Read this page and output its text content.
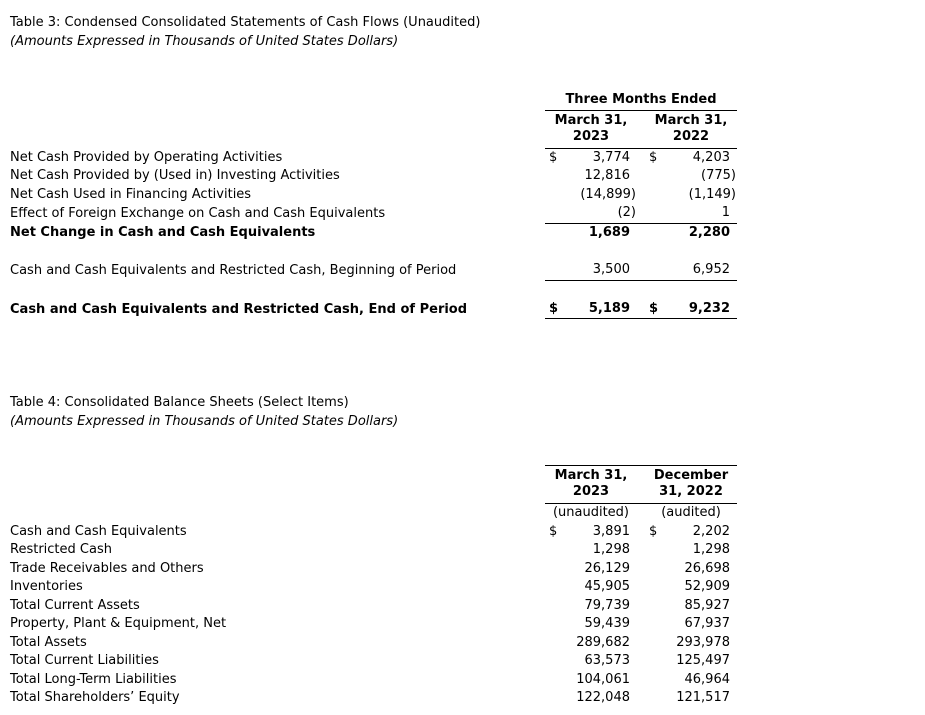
Table 3: Condensed Consolidated Statements of Cash Flows (Unaudited)
(Amounts Expressed in Thousands of United States Dollars)
Three Months Ended
March 31,
2023
March 31,
2022
Net Cash Provided by Operating Activities	$	3,774 $	4,203
Net Cash Provided by (Used in) Investing Activities	12,816	(775)
Net Cash Used in Financing Activities	(14,899)	(1,149)
Effect of Foreign Exchange on Cash and Cash Equivalents	(2)	1
Net Change in Cash and Cash Equivalents	1,689	2,280
Cash and Cash Equivalents and Restricted Cash, Beginning of Period	3,500	6,952
Cash and Cash Equivalents and Restricted Cash, End of Period	$ 5,189 $ 9,232
Table 4: Consolidated Balance Sheets (Select Items)
(Amounts Expressed in Thousands of United States Dollars)
March 31,
2023
December
31, 2022
(unaudited)	(audited)
Cash and Cash Equivalents	$	3,891 $	2,202
Restricted Cash	1,298	1,298
Trade Receivables and Others	26,129	26,698
Inventories	45,905	52,909
Total Current Assets	79,739	85,927
Property, Plant & Equipment, Net	59,439	67,937
Total Assets	289,682	293,978
Total Current Liabilities	63,573	125,497
Total Long-Term Liabilities	104,061	46,964
Total Shareholders’ Equity	122,048	121,517
